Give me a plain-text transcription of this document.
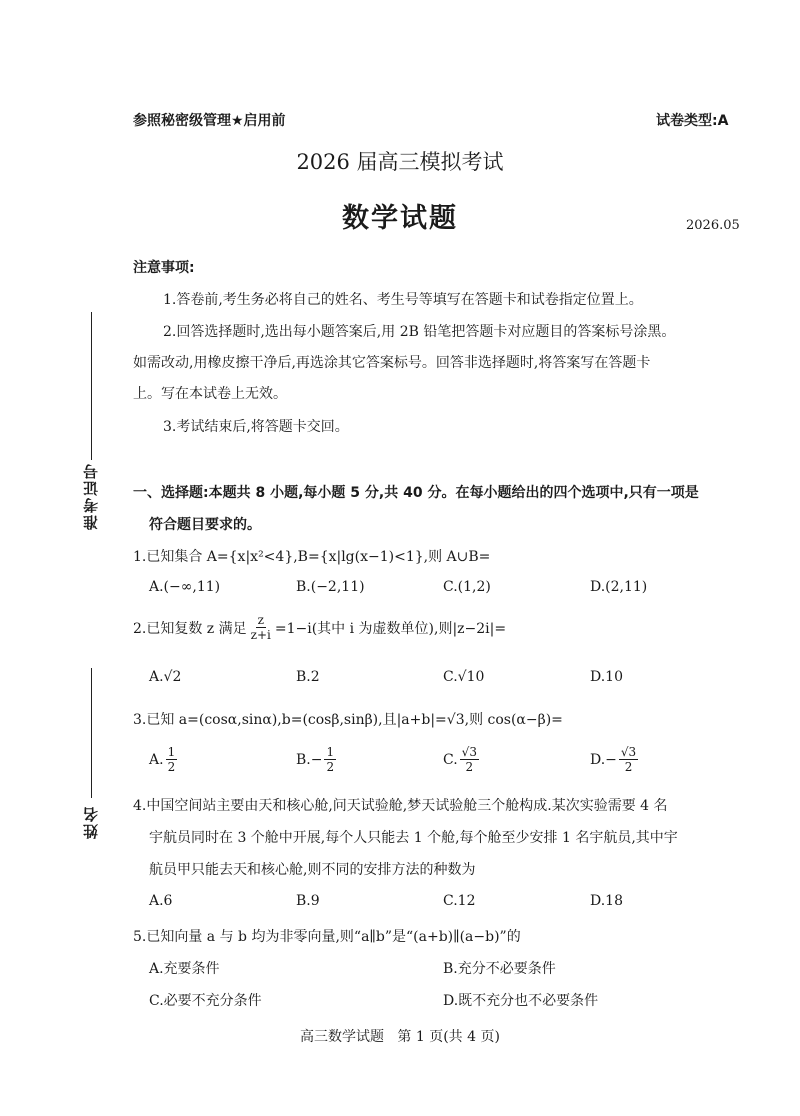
参照秘密级管理★启用前	试卷类型:A
2026 届高三模拟考试
数学试题	2026.05
注意事项:
1.答卷前,考生务必将自己的姓名、考生号等填写在答题卡和试卷指定位置上。
2.回答选择题时,选出每小题答案后,用 2B 铅笔把答题卡对应题目的答案标号涂黑。
如需改动,用橡皮擦干净后,再选涂其它答案标号。回答非选择题时,将答案写在答题卡
上。写在本试卷上无效。
3.考试结束后,将答题卡交回。
准考证号
姓名
一、选择题:本题共 8 小题,每小题 5 分,共 40 分。在每小题给出的四个选项中,只有一项是
符合题目要求的。
1.已知集合 A={x|x²<4},B={x|lg(x−1)<1},则 A∪B=
A.(−∞,11)	B.(−2,11)	C.(1,2)	D.(2,11)
2.已知复数 z 满足 $\frac{z}{z+i} =1-i$(其中 i 为虚数单位),则|z−2i|=
A.√2	B.2	C.√10	D.10
3.已知 a=(cosα,sinα),b=(cosβ,sinβ),且|a+b|=√3,则 cos(α−β)=
A. $\frac{1}{2}$	$B.- \frac{1}{2}$	C. $\frac{√3}{2}$	$D.- \frac{√3}{2}$
4.中国空间站主要由天和核心舱,问天试验舱,梦天试验舱三个舱构成.某次实验需要 4 名
宇航员同时在 3 个舱中开展,每个人只能去 1 个舱,每个舱至少安排 1 名宇航员,其中宇
航员甲只能去天和核心舱,则不同的安排方法的种数为
A.6	B.9	C.12	D.18
5.已知向量 a 与 b 均为非零向量,则“a∥b”是“(a+b)∥(a−b)”的
A.充要条件	B.充分不必要条件
C.必要不充分条件	D.既不充分也不必要条件
高三数学试题   第 1 页(共 4 页)
